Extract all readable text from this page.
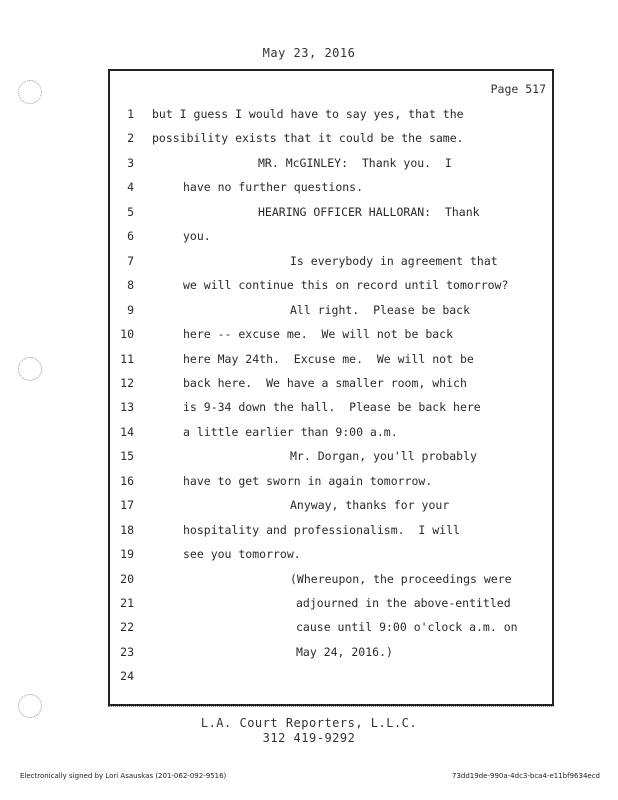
May 23, 2016
Page 517
1 but I guess I would have to say yes, that the
2 possibility exists that it could be the same.
3	MR. McGINLEY:  Thank you.  I
4	have no further questions.
5	HEARING OFFICER HALLORAN:  Thank
6	you.
7	Is everybody in agreement that
8	we will continue this on record until tomorrow?
9	All right.  Please be back
10	here -- excuse me.  We will not be back
11	here May 24th.  Excuse me.  We will not be
12	back here.  We have a smaller room, which
13	is 9-34 down the hall.  Please be back here
14	a little earlier than 9:00 a.m.
15	Mr. Dorgan, you'll probably
16	have to get sworn in again tomorrow.
17	Anyway, thanks for your
18	hospitality and professionalism.  I will
19	see you tomorrow.
20	(Whereupon, the proceedings were
21	adjourned in the above-entitled
22	cause until 9:00 o'clock a.m. on
23	May 24, 2016.)
24
L.A. Court Reporters, L.L.C.
312 419-9292
Electronically signed by Lori Asauskas (201-062-092-9516)	73dd19de-990a-4dc3-bca4-e11bf9634ecd
